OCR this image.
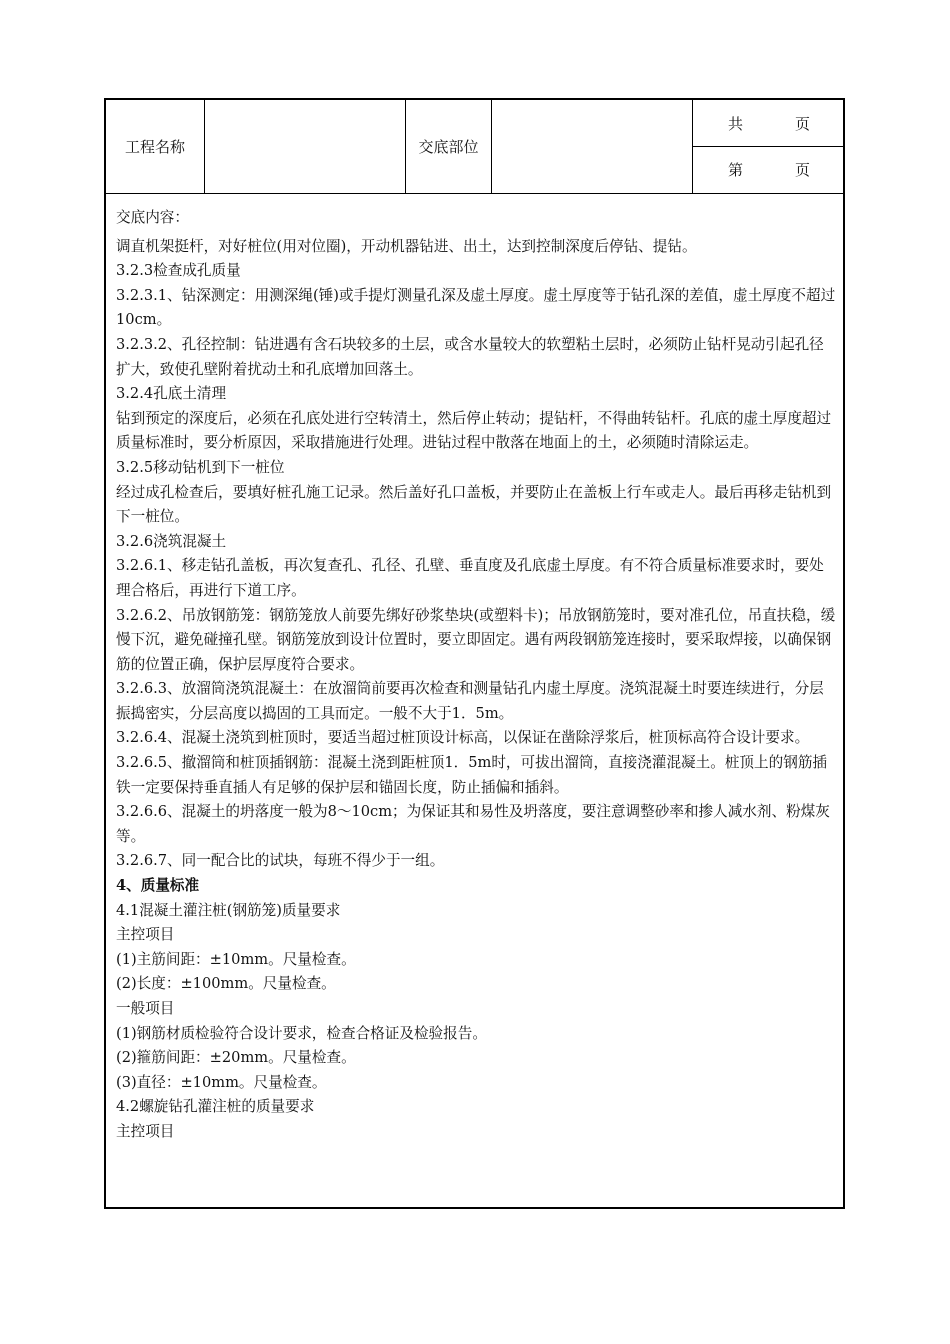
工程名称	交底部位
共	页
第	页

交底内容：

调直机架挺杆，对好桩位(用对位圈)，开动机器钻进、出土，达到控制深度后停钻、提钻。

3.2.3检查成孔质量

3.2.3.1、钻深测定：用测深绳(锤)或手提灯测量孔深及虚土厚度。虚土厚度等于钻孔深的差值，虚土厚度不超过10cm。

3.2.3.2、孔径控制：钻进遇有含石块较多的土层，或含水量较大的软塑粘土层时，必须防止钻杆晃动引起孔径扩大，致使孔壁附着扰动土和孔底增加回落土。

3.2.4孔底土清理

钻到预定的深度后，必须在孔底处进行空转清土，然后停止转动；提钻杆，不得曲转钻杆。孔底的虚土厚度超过质量标准时，要分析原因，采取措施进行处理。进钻过程中散落在地面上的土，必须随时清除运走。

3.2.5移动钻机到下一桩位

经过成孔检查后，要填好桩孔施工记录。然后盖好孔口盖板，并要防止在盖板上行车或走人。最后再移走钻机到下一桩位。

3.2.6浇筑混凝土

3.2.6.1、移走钻孔盖板，再次复查孔、孔径、孔壁、垂直度及孔底虚土厚度。有不符合质量标准要求时，要处理合格后，再进行下道工序。

3.2.6.2、吊放钢筋笼：钢筋笼放人前要先绑好砂浆垫块(或塑料卡)；吊放钢筋笼时，要对准孔位，吊直扶稳，缓慢下沉，避免碰撞孔壁。钢筋笼放到设计位置时，要立即固定。遇有两段钢筋笼连接时，要采取焊接，以确保钢筋的位置正确，保护层厚度符合要求。

3.2.6.3、放溜筒浇筑混凝土：在放溜筒前要再次检查和测量钻孔内虚土厚度。浇筑混凝土时要连续进行，分层振捣密实，分层高度以捣固的工具而定。一般不大于1．5m。

3.2.6.4、混凝土浇筑到桩顶时，要适当超过桩顶设计标高，以保证在凿除浮浆后，桩顶标高符合设计要求。

3.2.6.5、撤溜筒和桩顶插钢筋：混凝土浇到距桩顶1．5m时，可拔出溜筒，直接浇灌混凝土。桩顶上的钢筋插铁一定要保持垂直插人有足够的保护层和锚固长度，防止插偏和插斜。

3.2.6.6、混凝土的坍落度一般为8～10cm；为保证其和易性及坍落度，要注意调整砂率和掺人减水剂、粉煤灰等。

3.2.6.7、同一配合比的试块，每班不得少于一组。

4、质量标准

4.1混凝土灌注桩(钢筋笼)质量要求

主控项目

(1)主筋间距：±10mm。尺量检查。

(2)长度：±100mm。尺量检查。

一般项目

(1)钢筋材质检验符合设计要求，检查合格证及检验报告。

(2)箍筋间距：±20mm。尺量检查。

(3)直径：±10mm。尺量检查。

4.2螺旋钻孔灌注桩的质量要求

主控项目
